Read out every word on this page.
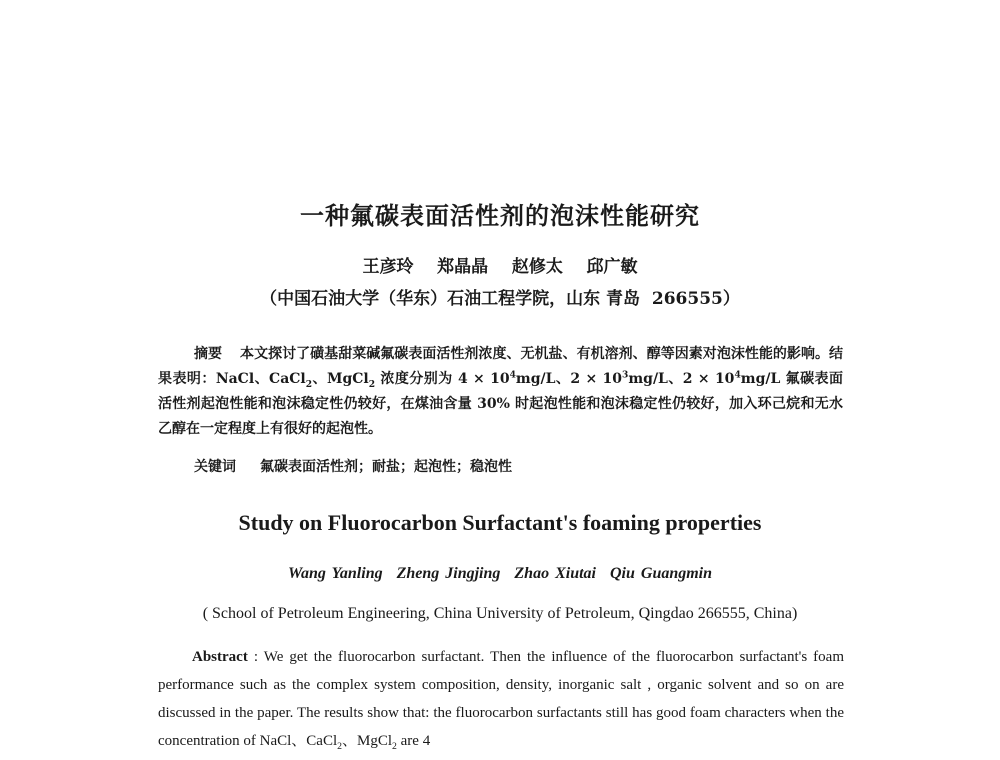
一种氟碳表面活性剂的泡沫性能研究
王彦玲    郑晶晶    赵修太    邱广敏
（中国石油大学（华东）石油工程学院，山东 青岛  266555）
摘要 本文探讨了磺基甜菜碱氟碳表面活性剂浓度、无机盐、有机溶剂、醇等因素对泡沫性能的影响。结果表明：NaCl、CaCl$_2$、MgCl$_2$ 浓度分别为 $4 \times 10^4mg/L$、$2 \times 10^3mg/L$、$2 \times 10^4mg/L$ 氟碳表面活性剂起泡性能和泡沫稳定性仍较好，在煤油含量 30% 时起泡性能和泡沫稳定性仍较好，加入环己烷和无水乙醇在一定程度上有很好的起泡性。
关键词 氟碳表面活性剂；耐盐；起泡性；稳泡性
Study on Fluorocarbon Surfactant's foaming properties
Wang Yanling Zheng Jingjing Zhao Xiutai Qiu Guangmin
( School of Petroleum Engineering, China University of Petroleum, Qingdao 266555, China)
Abstract : We get the fluorocarbon surfactant. Then the influence of the fluorocarbon surfactant's foam performance such as the complex system composition, density, inorganic salt , organic solvent and so on are discussed in the paper. The results show that: the fluorocarbon surfactants still has good foam characters when the concentration of NaCl、CaCl$_2$、MgCl$_2$ are 4
